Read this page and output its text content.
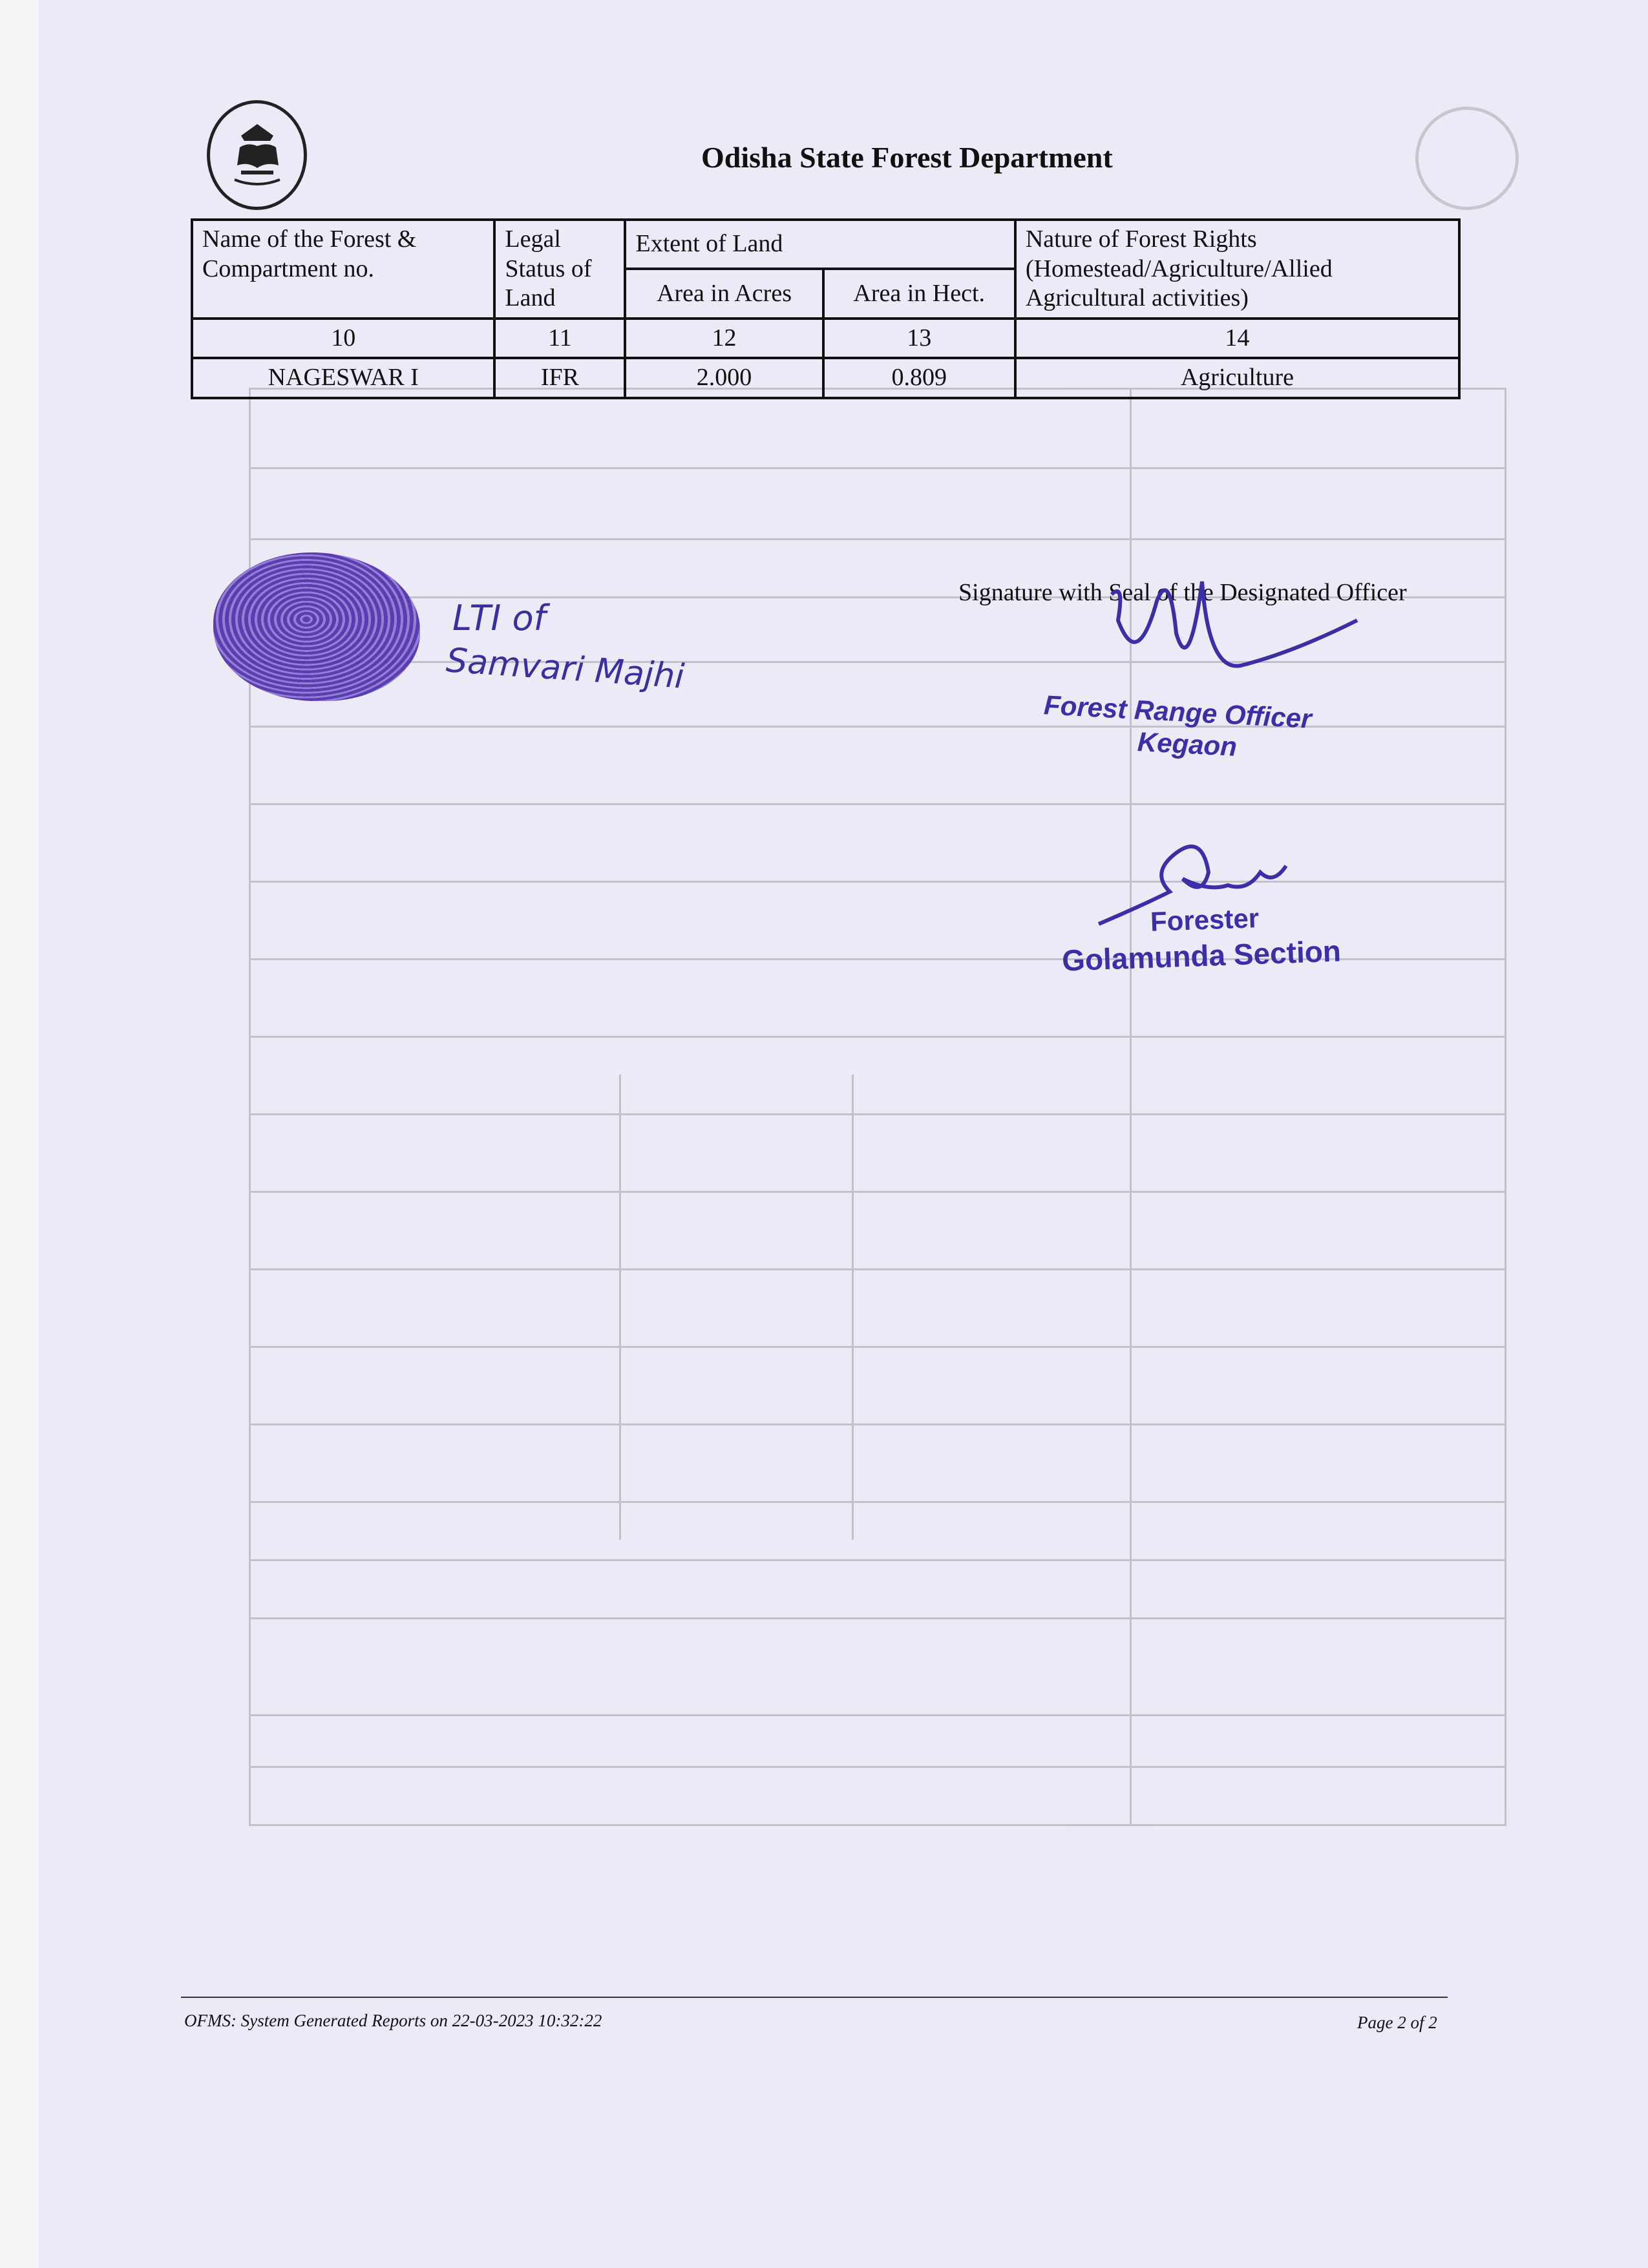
Odisha State Forest Department
Name of the Forest & Compartment no.	Legal Status of Land	Extent of Land		Nature of Forest Rights (Homestead/Agriculture/Allied Agricultural activities)
		Area in Acres	Area in Hect.	
10	11	12	13	14
NAGESWAR I	IFR	2.000	0.809	Agriculture
LTI of
Samvari Majhi
Signature with Seal of the Designated Officer
Forest Range Officer
Kegaon
Forester
Golamunda Section
OFMS: System Generated Reports on 22-03-2023 10:32:22	Page 2 of 2
